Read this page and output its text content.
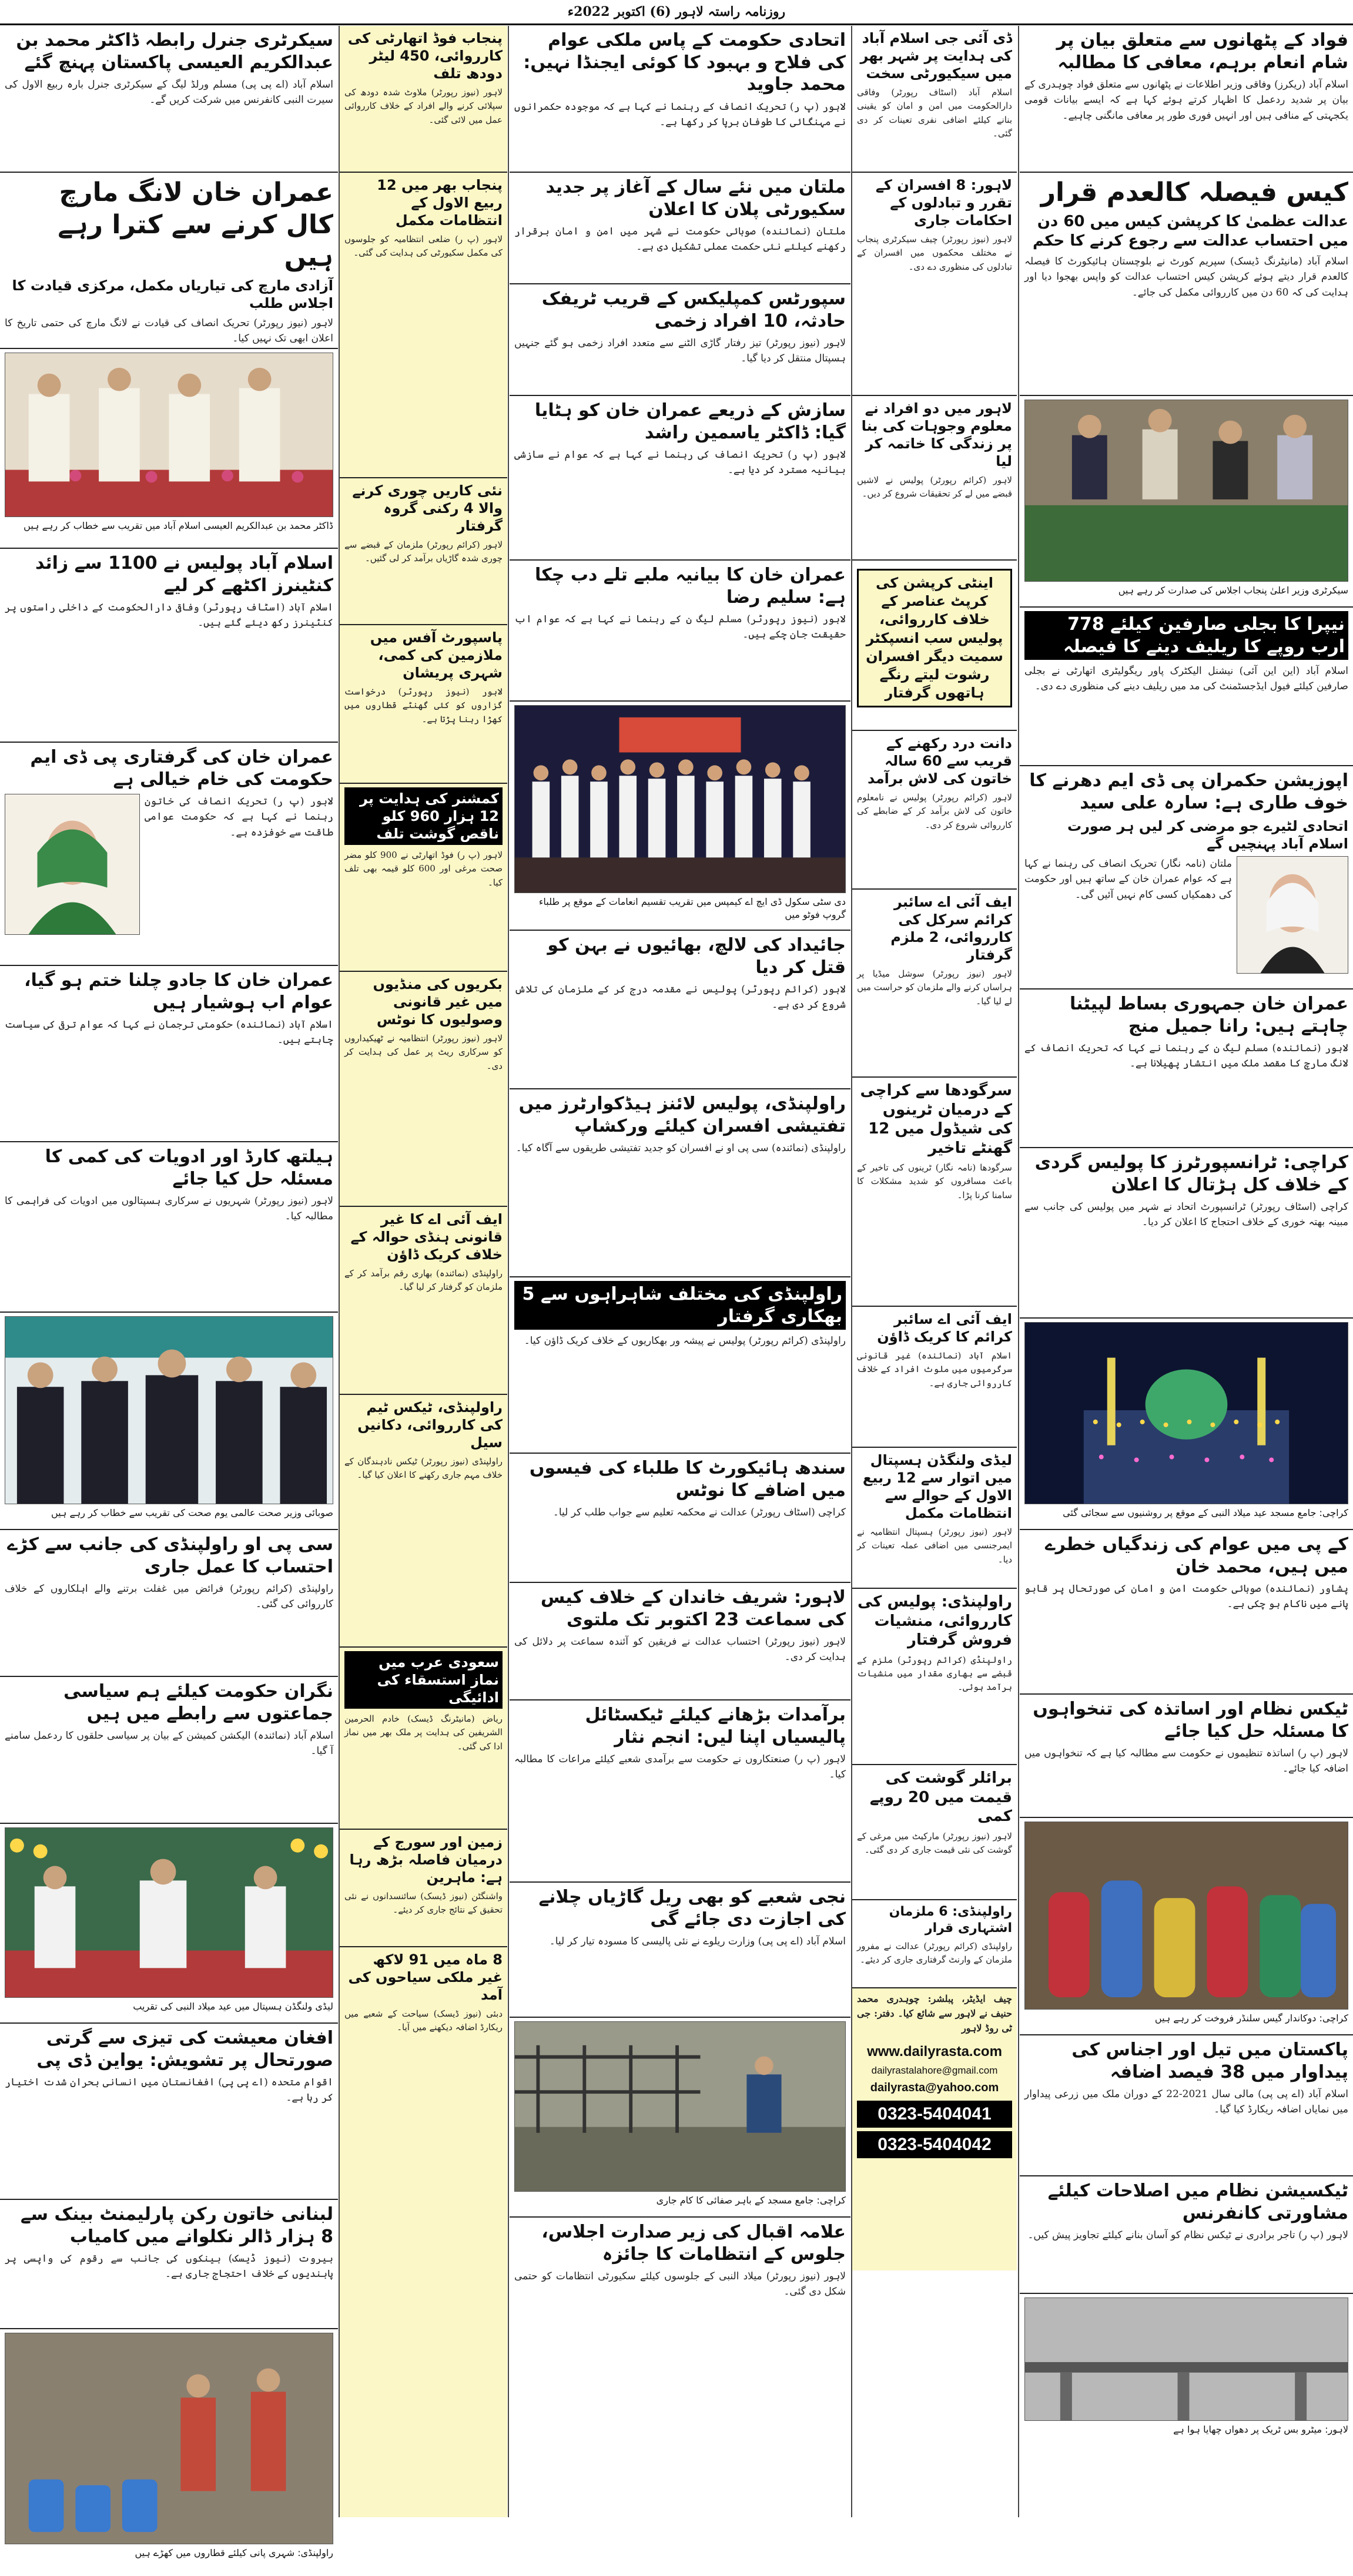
روزنامہ راستہ لاہور (6) اکتوبر 2022ء
فواد کے پٹھانوں سے متعلق بیان پر شام انعام برہم، معافی کا مطالبہ

اسلام آباد (ریکرز) وفاقی وزیر اطلاعات نے پٹھانوں سے متعلق فواد چوہدری کے بیان پر شدید ردعمل کا اظہار کرتے ہوئے کہا ہے کہ ایسے بیانات قومی یکجہتی کے منافی ہیں اور انہیں فوری طور پر معافی مانگنی چاہیے۔

کیس فیصلہ کالعدم قرار
عدالت عظمیٰ کا کرپشن کیس میں 60 دن میں احتساب عدالت سے رجوع کرنے کا حکم

اسلام آباد (مانیٹرنگ ڈیسک) سپریم کورٹ نے بلوچستان ہائیکورٹ کا فیصلہ کالعدم قرار دیتے ہوئے کرپشن کیس احتساب عدالت کو واپس بھجوا دیا اور ہدایت کی کہ 60 دن میں کارروائی مکمل کی جائے۔

سیکرٹری وزیر اعلیٰ پنجاب اجلاس کی صدارت کر رہے ہیں
نیپرا کا بجلی صارفین کیلئے 778 ارب روپے کا ریلیف دینے کا فیصلہ

اسلام آباد (این این آئی) نیشنل الیکٹرک پاور ریگولیٹری اتھارٹی نے بجلی صارفین کیلئے فیول ایڈجسٹمنٹ کی مد میں ریلیف دینے کی منظوری دے دی۔

اپوزیشن حکمران پی ڈی ایم دھرنے کا خوف طاری ہے: سارہ علی سید
اتحادی لٹیرے جو مرضی کر لیں ہر صورت اسلام آباد پہنچیں گے

ملتان (نامہ نگار) تحریک انصاف کی رہنما نے کہا ہے کہ عوام عمران خان کے ساتھ ہیں اور حکومت کی دھمکیاں کسی کام نہیں آئیں گی۔

عمران خان جمہوری بساط لپیٹنا چاہتے ہیں: رانا جمیل منج

لاہور (نمائندہ) مسلم لیگ ن کے رہنما نے کہا کہ تحریک انصاف کے لانگ مارچ کا مقصد ملک میں انتشار پھیلانا ہے۔

کراچی: ٹرانسپورٹرز کا پولیس گردی کے خلاف کل ہڑتال کا اعلان

کراچی (اسٹاف رپورٹر) ٹرانسپورٹ اتحاد نے شہر میں پولیس کی جانب سے مبینہ بھتہ خوری کے خلاف احتجاج کا اعلان کر دیا۔

کراچی: جامع مسجد عید میلاد النبی کے موقع پر روشنیوں سے سجائی گئی
کے پی میں عوام کی زندگیاں خطرے میں ہیں، محمد خان

پشاور (نمائندہ) صوبائی حکومت امن و امان کی صورتحال پر قابو پانے میں ناکام ہو چکی ہے۔

ٹیکس نظام اور اساتذہ کی تنخواہوں کا مسئلہ حل کیا جائے

لاہور (پ ر) اساتذہ تنظیموں نے حکومت سے مطالبہ کیا ہے کہ تنخواہوں میں اضافہ کیا جائے۔

کراچی: دوکاندار گیس سلنڈر فروخت کر رہے ہیں
پاکستان میں تیل اور اجناس کی پیداوار میں 38 فیصد اضافہ

اسلام آباد (اے پی پی) مالی سال 2021-22 کے دوران ملک میں زرعی پیداوار میں نمایاں اضافہ ریکارڈ کیا گیا۔

ٹیکسیشن نظام میں اصلاحات کیلئے مشاورتی کانفرنس

لاہور (پ ر) تاجر برادری نے ٹیکس نظام کو آسان بنانے کیلئے تجاویز پیش کیں۔

لاہور: میٹرو بس ٹریک پر دھواں چھایا ہوا ہے
ڈی آئی جی اسلام آباد کی ہدایت پر شہر بھر میں سیکیورٹی سخت

اسلام آباد (اسٹاف رپورٹر) وفاقی دارالحکومت میں امن و امان کو یقینی بنانے کیلئے اضافی نفری تعینات کر دی گئی۔

لاہور: 8 افسران کے تقرر و تبادلوں کے احکامات جاری

لاہور (نیوز رپورٹر) چیف سیکرٹری پنجاب نے مختلف محکموں میں افسران کے تبادلوں کی منظوری دے دی۔

لاہور میں دو افراد نے معلوم وجوہات کی بنا پر زندگی کا خاتمہ کر لیا

لاہور (کرائم رپورٹر) پولیس نے لاشیں قبضے میں لے کر تحقیقات شروع کر دیں۔

اینٹی کرپشن کی کرپٹ عناصر کے خلاف کارروائی، پولیس سب انسپکٹر سمیت دیگر افسران رشوت لیتے رنگے ہاتھوں گرفتار
دانت درد رکھنے کے قریب سے 60 سالہ خاتون کی لاش برآمد

لاہور (کرائم رپورٹر) پولیس نے نامعلوم خاتون کی لاش برآمد کر کے ضابطے کی کارروائی شروع کر دی۔

ایف آئی اے سائبر کرائم سرکل کی کارروائی، 2 ملزم گرفتار

لاہور (نیوز رپورٹر) سوشل میڈیا پر ہراساں کرنے والے ملزمان کو حراست میں لے لیا گیا۔

سرگودھا سے کراچی کے درمیان ٹرینوں کی شیڈول میں 12 گھنٹے تاخیر

سرگودھا (نامہ نگار) ٹرینوں کی تاخیر کے باعث مسافروں کو شدید مشکلات کا سامنا کرنا پڑا۔

ایف آئی اے سائبر کرائم کا کریک ڈاؤن

اسلام آباد (نمائندہ) غیر قانونی سرگرمیوں میں ملوث افراد کے خلاف کارروائی جاری ہے۔

لیڈی ولنگڈن ہسپتال میں اتوار سے 12 ربیع الاول کے حوالے سے انتظامات مکمل

لاہور (نیوز رپورٹر) ہسپتال انتظامیہ نے ایمرجنسی میں اضافی عملہ تعینات کر دیا۔

راولپنڈی: پولیس کی کارروائی، منشیات فروش گرفتار

راولپنڈی (کرائم رپورٹر) ملزم کے قبضے سے بھاری مقدار میں منشیات برآمد ہوئی۔

برائلر گوشت کی قیمت میں 20 روپے کمی

لاہور (نیوز رپورٹر) مارکیٹ میں مرغی کے گوشت کی نئی قیمت جاری کر دی گئی۔

راولپنڈی: 6 ملزمان اشتہاری قرار

راولپنڈی (کرائم رپورٹر) عدالت نے مفرور ملزمان کے وارنٹ گرفتاری جاری کر دیئے۔

چیف ایڈیٹر، پبلشر: چوہدری محمد حنیف نے لاہور سے شائع کیا۔ دفتر: جی ٹی روڈ لاہور

www.dailyrasta.com
dailyrastalahore@gmail.com
dailyrasta@yahoo.com
0323-5404041
0323-5404042
اتحادی حکومت کے پاس ملکی عوام کی فلاح و بہبود کا کوئی ایجنڈا نہیں: محمد جاوید

لاہور (پ ر) تحریک انصاف کے رہنما نے کہا ہے کہ موجودہ حکمرانوں نے مہنگائی کا طوفان برپا کر رکھا ہے۔

ملتان میں نئے سال کے آغاز پر جدید سکیورٹی پلان کا اعلان

ملتان (نمائندہ) صوبائی حکومت نے شہر میں امن و امان برقرار رکھنے کیلئے نئی حکمت عملی تشکیل دی ہے۔

سپورٹس کمپلیکس کے قریب ٹریفک حادثہ، 10 افراد زخمی

لاہور (نیوز رپورٹر) تیز رفتار گاڑی الٹنے سے متعدد افراد زخمی ہو گئے جنہیں ہسپتال منتقل کر دیا گیا۔

سازش کے ذریعے عمران خان کو ہٹایا گیا: ڈاکٹر یاسمین راشد

لاہور (پ ر) تحریک انصاف کی رہنما نے کہا ہے کہ عوام نے سازشی بیانیہ مسترد کر دیا ہے۔

عمران خان کا بیانیہ ملبے تلے دب چکا ہے: سلیم رضا

لاہور (نیوز رپورٹر) مسلم لیگ ن کے رہنما نے کہا ہے کہ عوام اب حقیقت جان چکے ہیں۔

دی سٹی سکول ڈی ایچ اے کیمپس میں تقریب تقسیم انعامات کے موقع پر طلباء گروپ فوٹو میں
جائیداد کی لالچ، بھائیوں نے بہن کو قتل کر دیا

لاہور (کرائم رپورٹر) پولیس نے مقدمہ درج کر کے ملزمان کی تلاش شروع کر دی ہے۔

راولپنڈی، پولیس لائنز ہیڈکوارٹرز میں تفتیشی افسران کیلئے ورکشاپ

راولپنڈی (نمائندہ) سی پی او نے افسران کو جدید تفتیشی طریقوں سے آگاہ کیا۔

راولپنڈی کی مختلف شاہراہوں سے 5 بھکاری گرفتار

راولپنڈی (کرائم رپورٹر) پولیس نے پیشہ ور بھکاریوں کے خلاف کریک ڈاؤن کیا۔

سندھ ہائیکورٹ کا طلباء کی فیسوں میں اضافے کا نوٹس

کراچی (اسٹاف رپورٹر) عدالت نے محکمہ تعلیم سے جواب طلب کر لیا۔

لاہور: شریف خاندان کے خلاف کیس کی سماعت 23 اکتوبر تک ملتوی

لاہور (نیوز رپورٹر) احتساب عدالت نے فریقین کو آئندہ سماعت پر دلائل کی ہدایت کر دی۔

برآمدات بڑھانے کیلئے ٹیکسٹائل پالیسیاں اپنا لیں: انجم نثار

لاہور (پ ر) صنعتکاروں نے حکومت سے برآمدی شعبے کیلئے مراعات کا مطالبہ کیا۔

نجی شعبے کو بھی ریل گاڑیاں چلانے کی اجازت دی جائے گی

اسلام آباد (اے پی پی) وزارت ریلوے نے نئی پالیسی کا مسودہ تیار کر لیا۔

کراچی: جامع مسجد کے باہر صفائی کا کام جاری
علامہ اقبال کی زیر صدارت اجلاس، جلوس کے انتظامات کا جائزہ

لاہور (نیوز رپورٹر) میلاد النبی کے جلوسوں کیلئے سکیورٹی انتظامات کو حتمی شکل دی گئی۔

پنجاب فوڈ اتھارٹی کی کارروائی، 450 لیٹر دودھ تلف

لاہور (نیوز رپورٹر) ملاوٹ شدہ دودھ کی سپلائی کرنے والے افراد کے خلاف کارروائی عمل میں لائی گئی۔

پنجاب بھر میں 12 ربیع الاول کے انتظامات مکمل

لاہور (پ ر) ضلعی انتظامیہ کو جلوسوں کی مکمل سکیورٹی کی ہدایت کی گئی۔

نئی کاریں چوری کرنے والا 4 رکنی گروہ گرفتار

لاہور (کرائم رپورٹر) ملزمان کے قبضے سے چوری شدہ گاڑیاں برآمد کر لی گئیں۔

پاسپورٹ آفس میں ملازمین کی کمی، شہری پریشان

لاہور (نیوز رپورٹر) درخواست گزاروں کو کئی گھنٹے قطاروں میں کھڑا رہنا پڑتا ہے۔

کمشنر کی ہدایت پر 12 ہزار 960 کلو ناقص گوشت تلف

لاہور (پ ر) فوڈ اتھارٹی نے 900 کلو مضر صحت مرغی اور 600 کلو قیمہ بھی تلف کیا۔

بکریوں کی منڈیوں میں غیر قانونی وصولیوں کا نوٹس

لاہور (نیوز رپورٹر) انتظامیہ نے ٹھیکیداروں کو سرکاری ریٹ پر عمل کی ہدایت کر دی۔

ایف آئی اے کا غیر قانونی ہنڈی حوالہ کے خلاف کریک ڈاؤن

راولپنڈی (نمائندہ) بھاری رقم برآمد کر کے ملزمان کو گرفتار کر لیا گیا۔

راولپنڈی، ٹیکس ٹیم کی کارروائی، دکانیں سیل

راولپنڈی (نیوز رپورٹر) ٹیکس نادہندگان کے خلاف مہم جاری رکھنے کا اعلان کیا گیا۔

سعودی عرب میں نماز استسقاء کی ادائیگی

ریاض (مانیٹرنگ ڈیسک) خادم الحرمین الشریفین کی ہدایت پر ملک بھر میں نماز ادا کی گئی۔

زمین اور سورج کے درمیان فاصلہ بڑھ رہا ہے: ماہرین

واشنگٹن (نیوز ڈیسک) سائنسدانوں نے نئی تحقیق کے نتائج جاری کر دیئے۔

8 ماہ میں 91 لاکھ غیر ملکی سیاحوں کی آمد

دبئی (نیوز ڈیسک) سیاحت کے شعبے میں ریکارڈ اضافہ دیکھنے میں آیا۔

سیکرٹری جنرل رابطہ ڈاکٹر محمد بن عبدالکریم العیسی پاکستان پہنچ گئے

اسلام آباد (اے پی پی) مسلم ورلڈ لیگ کے سیکرٹری جنرل بارہ ربیع الاول کی سیرت النبی کانفرنس میں شرکت کریں گے۔

عمران خان لانگ مارچ کال کرنے سے کترا رہے ہیں
آزادی مارچ کی تیاریاں مکمل، مرکزی قیادت کا اجلاس طلب

لاہور (نیوز رپورٹر) تحریک انصاف کی قیادت نے لانگ مارچ کی حتمی تاریخ کا اعلان ابھی تک نہیں کیا۔

ڈاکٹر محمد بن عبدالکریم العیسی اسلام آباد میں تقریب سے خطاب کر رہے ہیں
اسلام آباد پولیس نے 1100 سے زائد کنٹینرز اکٹھے کر لیے

اسلام آباد (اسٹاف رپورٹر) وفاقی دارالحکومت کے داخلی راستوں پر کنٹینرز رکھ دیئے گئے ہیں۔

عمران خان کی گرفتاری پی ڈی ایم حکومت کی خام خیالی ہے

لاہور (پ ر) تحریک انصاف کی خاتون رہنما نے کہا ہے کہ حکومت عوامی طاقت سے خوفزدہ ہے۔

عمران خان کا جادو چلنا ختم ہو گیا، عوام اب ہوشیار ہیں

اسلام آباد (نمائندہ) حکومتی ترجمان نے کہا کہ عوام ترقی کی سیاست چاہتے ہیں۔

ہیلتھ کارڈ اور ادویات کی کمی کا مسئلہ حل کیا جائے

لاہور (نیوز رپورٹر) شہریوں نے سرکاری ہسپتالوں میں ادویات کی فراہمی کا مطالبہ کیا۔

صوبائی وزیر صحت عالمی یوم صحت کی تقریب سے خطاب کر رہے ہیں
سی پی او راولپنڈی کی جانب سے کڑے احتساب کا عمل جاری

راولپنڈی (کرائم رپورٹر) فرائض میں غفلت برتنے والے اہلکاروں کے خلاف کارروائی کی گئی۔

نگران حکومت کیلئے ہم سیاسی جماعتوں سے رابطے میں ہیں

اسلام آباد (نمائندہ) الیکشن کمیشن کے بیان پر سیاسی حلقوں کا ردعمل سامنے آ گیا۔

لیڈی ولنگڈن ہسپتال میں عید میلاد النبی کی تقریب
افغان معیشت کی تیزی سے گرتی صورتحال پر تشویش: یواین ڈی پی

اقوام متحدہ (اے پی پی) افغانستان میں انسانی بحران شدت اختیار کر رہا ہے۔

لبنانی خاتون رکن پارلیمنٹ بینک سے 8 ہزار ڈالر نکلوانے میں کامیاب

بیروت (نیوز ڈیسک) بینکوں کی جانب سے رقوم کی واپسی پر پابندیوں کے خلاف احتجاج جاری ہے۔

راولپنڈی: شہری پانی کیلئے قطاروں میں کھڑے ہیں
